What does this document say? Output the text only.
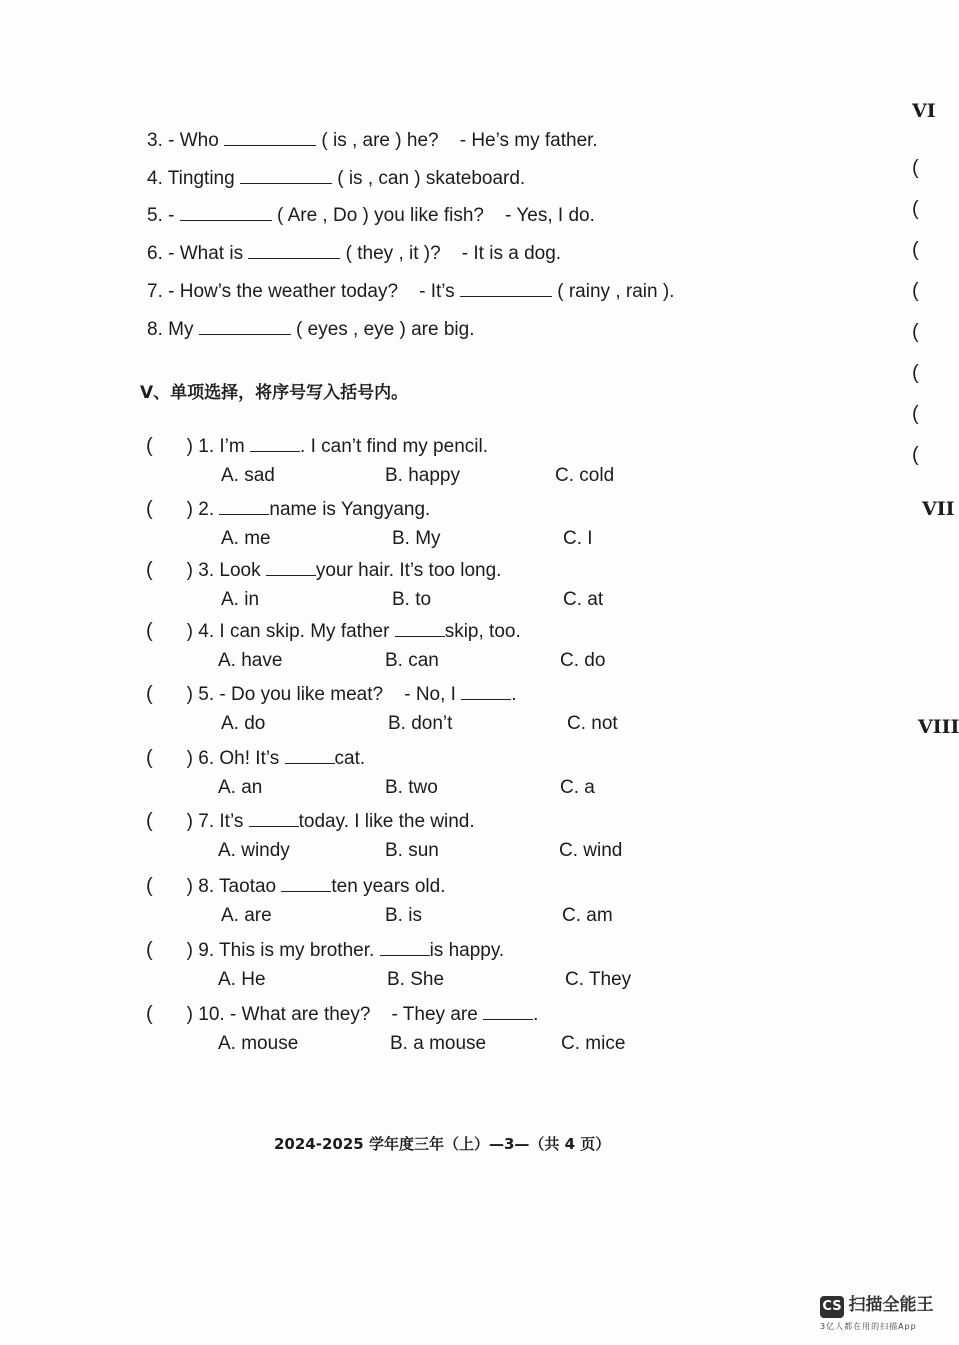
3. - Who	( is , are ) he? - He’s my father.
4. Tingting	( is , can ) skateboard.
5. -	( Are , Do ) you like fish? - Yes, I do.
6. - What is	( they , it )? - It is a dog.
7. - How’s the weather today? - It’s	( rainy , rain ).
8. My	( eyes , eye ) are big.
V、单项选择，将序号写入括号内。
( ) 1. I’m	. I can’t find my pencil.
A. sad	B. happy	C. cold
( ) 2.	name is Yangyang.
A. me	B. My	C. I
( ) 3. Look	your hair. It’s too long.
A. in	B. to	C. at
( ) 4. I can skip. My father	skip, too.
A. have	B. can	C. do
( ) 5. - Do you like meat? - No, I	.
A. do	B. don’t	C. not
( ) 6. Oh! It’s	cat.
A. an	B. two	C. a
( ) 7. It’s	today. I like the wind.
A. windy	B. sun	C. wind
( ) 8. Taotao	ten years old.
A. are	B. is	C. am
( ) 9. This is my brother.	is happy.
A. He	B. She	C. They
( ) 10. - What are they? - They are	.
A. mouse	B. a mouse	C. mice
VI
(
(
(
(
(
(
(
(
VII
VIII
2024-2025 学年度三年（上）—3—（共 4 页）
CS 扫描全能王
3亿人都在用的扫描App
